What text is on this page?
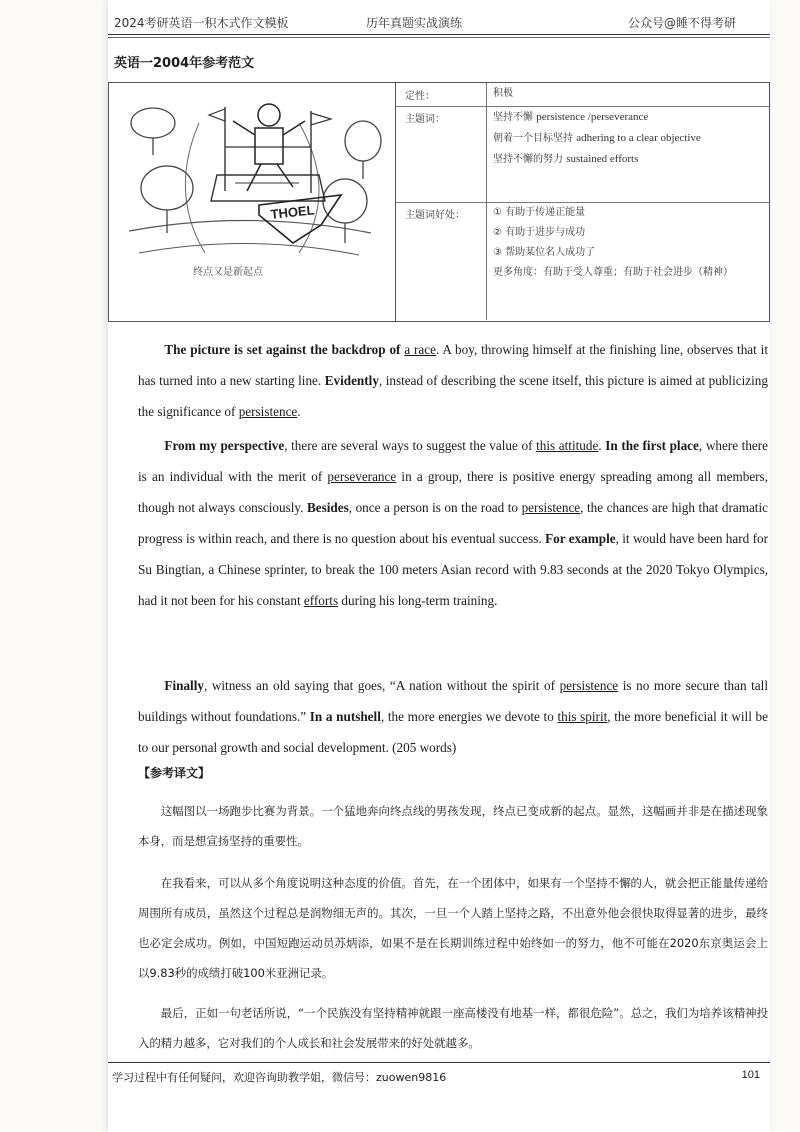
2024考研英语一积木式作文模板	历年真题实战演练	公众号@睡不得考研
英语一2004年参考范文
THOEL
终点又是新起点
定性：	积极
主题词：	坚持不懈 persistence /perseverance
朝着一个目标坚持 adhering to a clear objective
坚持不懈的努力 sustained efforts
主题词好处：	① 有助于传递正能量
② 有助于进步与成功
③ 帮助某位名人成功了
更多角度：有助于受人尊重；有助于社会进步（精神）

The picture is set against the backdrop of a race. A boy, throwing himself at the finishing line, observes that it has turned into a new starting line. Evidently, instead of describing the scene itself, this picture is aimed at publicizing the significance of persistence.

From my perspective, there are several ways to suggest the value of this attitude. In the first place, where there is an individual with the merit of perseverance in a group, there is positive energy spreading among all members, though not always consciously. Besides, once a person is on the road to persistence, the chances are high that dramatic progress is within reach, and there is no question about his eventual success. For example, it would have been hard for Su Bingtian, a Chinese sprinter, to break the 100 meters Asian record with 9.83 seconds at the 2020 Tokyo Olympics, had it not been for his constant efforts during his long-term training.

Finally, witness an old saying that goes, “A nation without the spirit of persistence is no more secure than tall buildings without foundations.” In a nutshell, the more energies we devote to this spirit, the more beneficial it will be to our personal growth and social development. (205 words)

【参考译文】

这幅图以一场跑步比赛为背景。一个猛地奔向终点线的男孩发现，终点已变成新的起点。显然，这幅画并非是在描述现象本身，而是想宣扬坚持的重要性。

在我看来，可以从多个角度说明这种态度的价值。首先，在一个团体中，如果有一个坚持不懈的人，就会把正能量传递给周围所有成员，虽然这个过程总是润物细无声的。其次，一旦一个人踏上坚持之路，不出意外他会很快取得显著的进步，最终也必定会成功。例如，中国短跑运动员苏炳添，如果不是在长期训练过程中始终如一的努力，他不可能在2020东京奥运会上以9.83秒的成绩打破100米亚洲记录。

最后，正如一句老话所说，“一个民族没有坚持精神就跟一座高楼没有地基一样，都很危险”。总之，我们为培养该精神投入的精力越多，它对我们的个人成长和社会发展带来的好处就越多。

学习过程中有任何疑问，欢迎咨询助教学姐，微信号：zuowen9816	101
